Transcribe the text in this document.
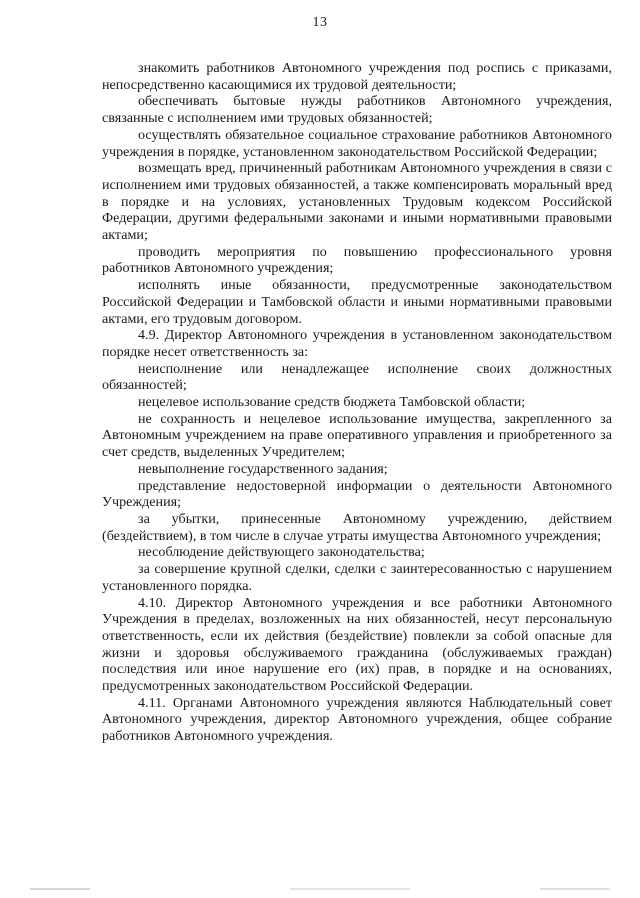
13

знакомить работников Автономного учреждения под роспись с приказами, непосредственно касающимися их трудовой деятельности;

обеспечивать бытовые нужды работников Автономного учреждения, связанные с исполнением ими трудовых обязанностей;

осуществлять обязательное социальное страхование работников Автономного учреждения в порядке, установленном законодательством Российской Федерации;

возмещать вред, причиненный работникам Автономного учреждения в связи с исполнением ими трудовых обязанностей, а также компенсировать моральный вред в порядке и на условиях, установленных Трудовым кодексом Российской Федерации, другими федеральными законами и иными нормативными правовыми актами;

проводить мероприятия по повышению профессионального уровня работников Автономного учреждения;

исполнять иные обязанности, предусмотренные законодательством Российской Федерации и Тамбовской области и иными нормативными правовыми актами, его трудовым договором.

4.9. Директор Автономного учреждения в установленном законодательством порядке несет ответственность за:

неисполнение или ненадлежащее исполнение своих должностных обязанностей;

нецелевое использование средств бюджета Тамбовской области;

не сохранность и нецелевое использование имущества, закрепленного за Автономным учреждением на праве оперативного управления и приобретенного за счет средств, выделенных Учредителем;

невыполнение государственного задания;

представление недостоверной информации о деятельности Автономного Учреждения;

за убытки, принесенные Автономному учреждению, действием (бездействием), в том числе в случае утраты имущества Автономного учреждения;

несоблюдение действующего законодательства;

за совершение крупной сделки, сделки с заинтересованностью с нарушением установленного порядка.

4.10. Директор Автономного учреждения и все работники Автономного Учреждения в пределах, возложенных на них обязанностей, несут персональную ответственность, если их действия (бездействие) повлекли за собой опасные для жизни и здоровья обслуживаемого гражданина (обслуживаемых граждан) последствия или иное нарушение его (их) прав, в порядке и на основаниях, предусмотренных законодательством Российской Федерации.

4.11. Органами Автономного учреждения являются Наблюдательный совет Автономного учреждения, директор Автономного учреждения, общее собрание работников Автономного учреждения.
